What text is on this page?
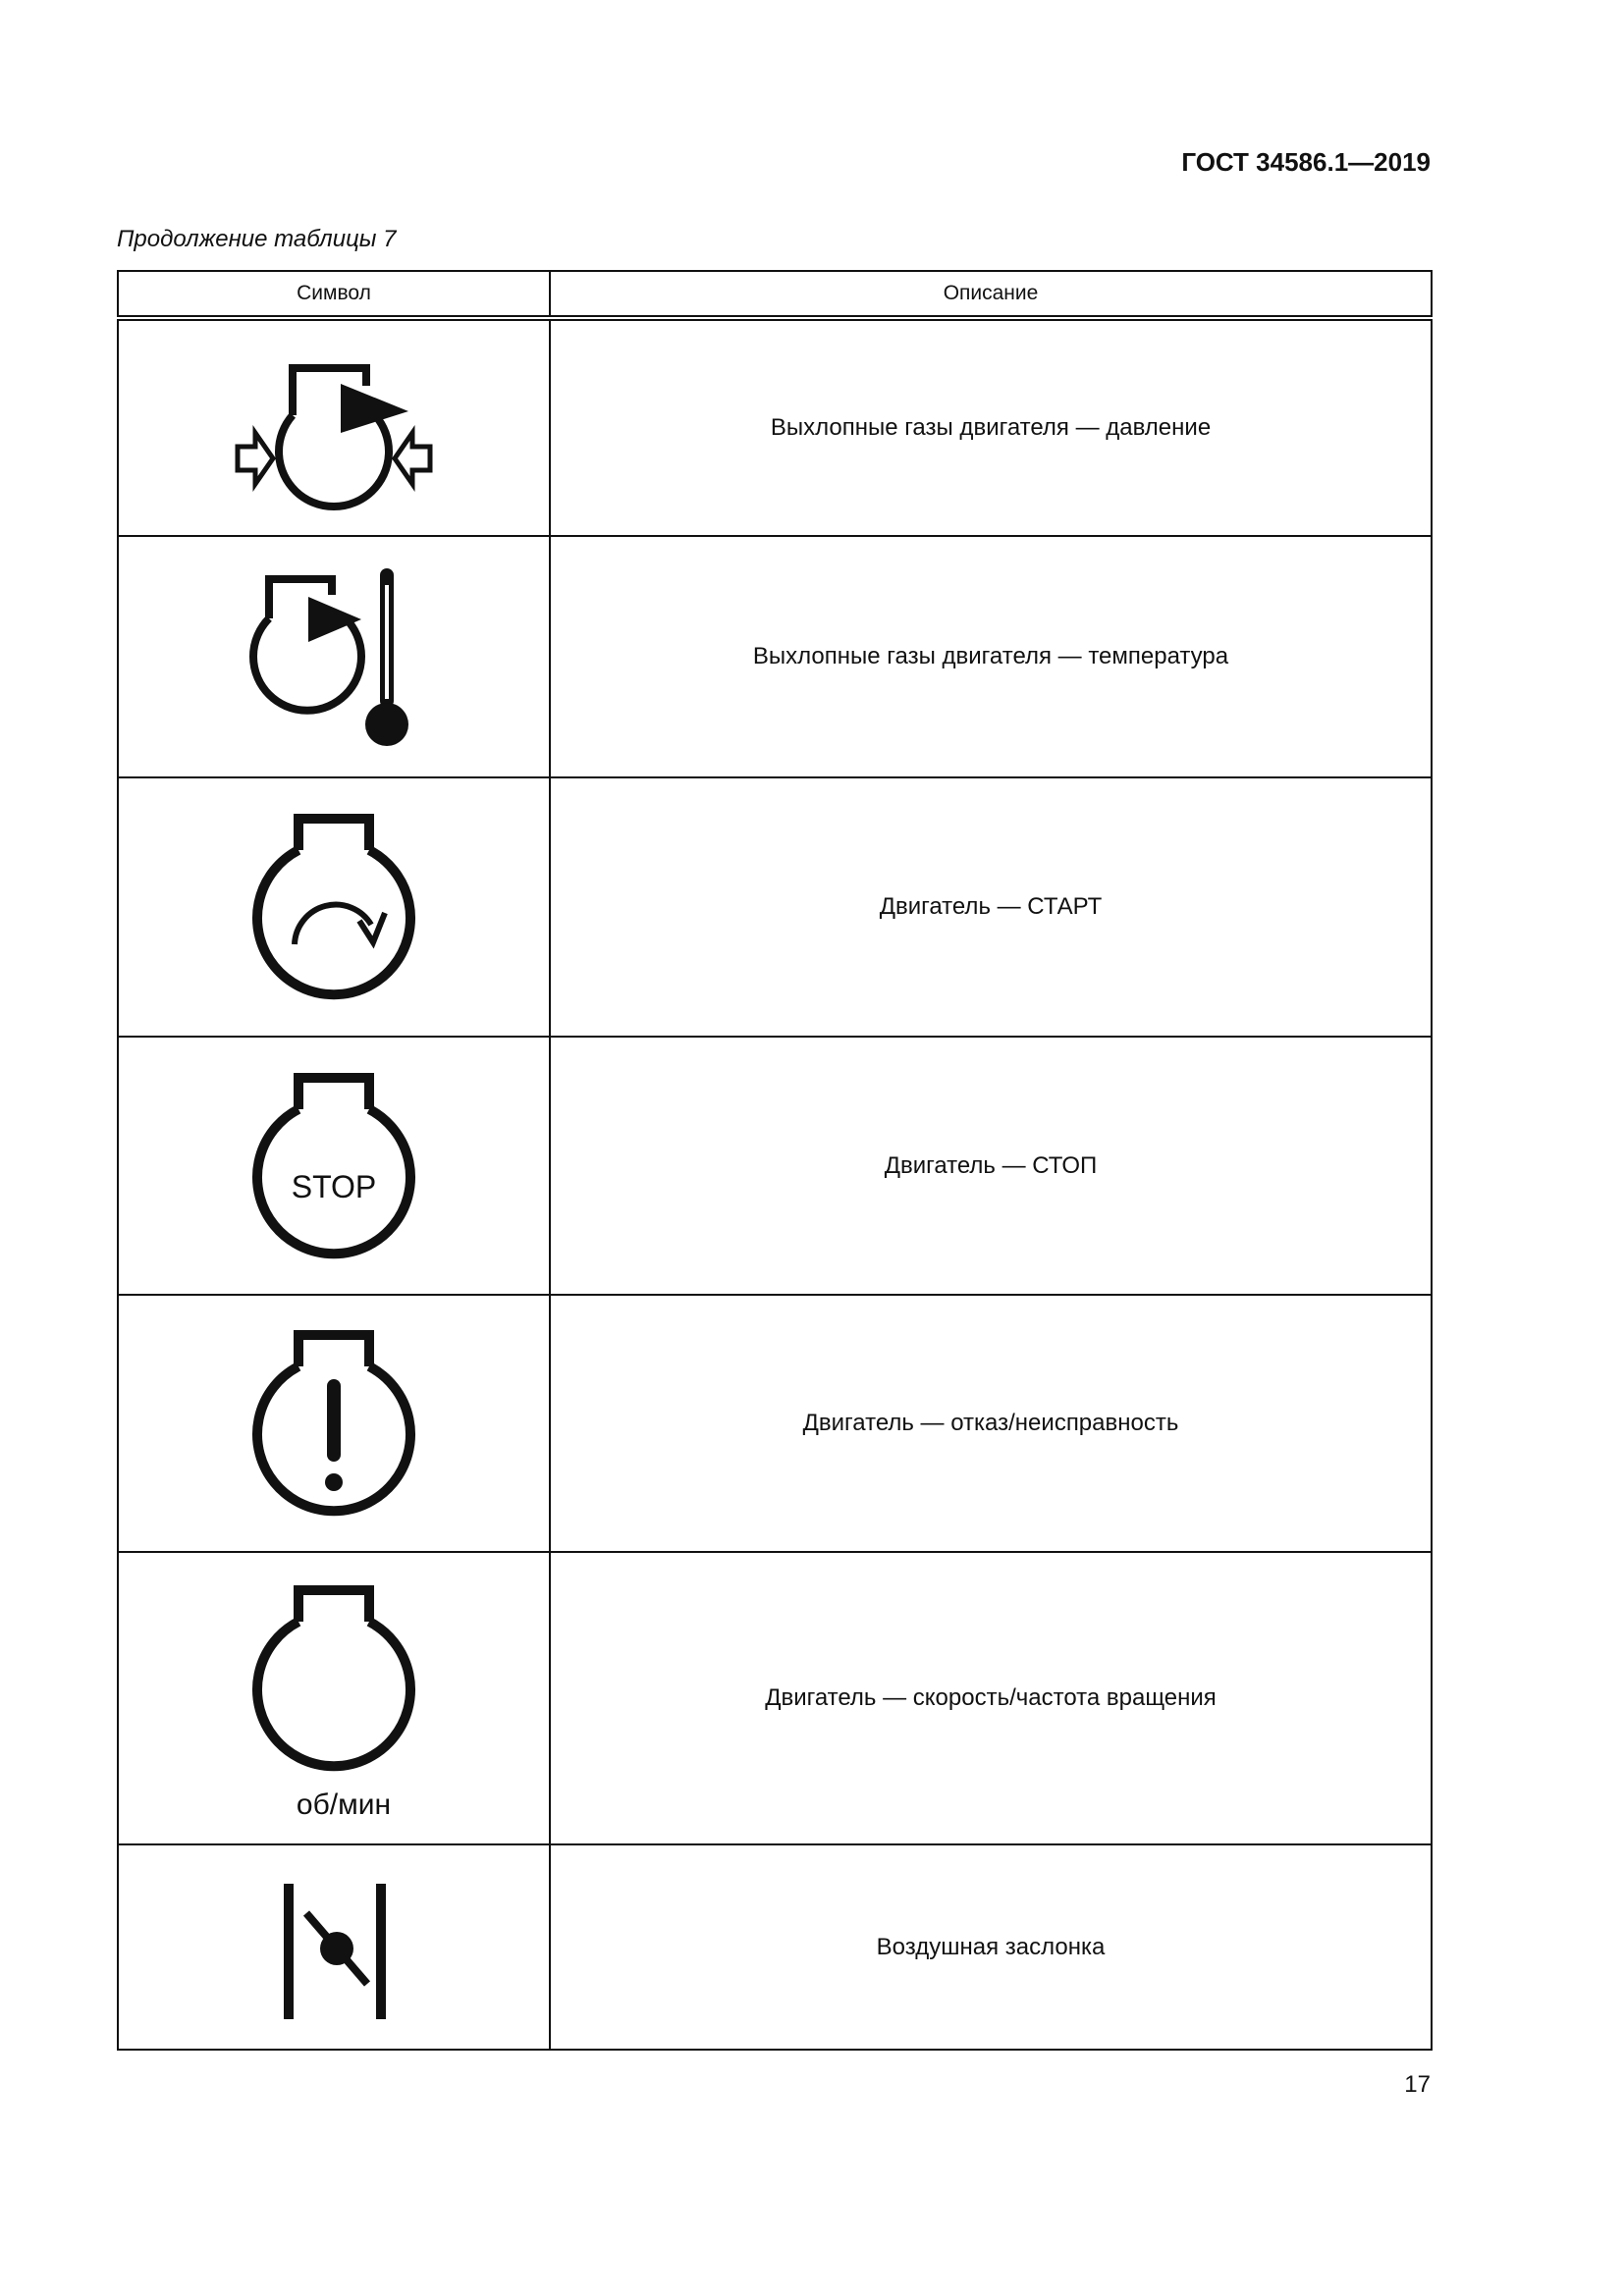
ГОСТ 34586.1—2019
Продолжение таблицы 7
Символ	Описание

	Выхлопные газы двигателя — давление

	Выхлопные газы двигателя — температура

	Двигатель — СТАРТ

STOP	Двигатель — СТОП

	Двигатель — отказ/неисправность

об/мин	Двигатель — скорость/частота вращения

	Воздушная заслонка
17
